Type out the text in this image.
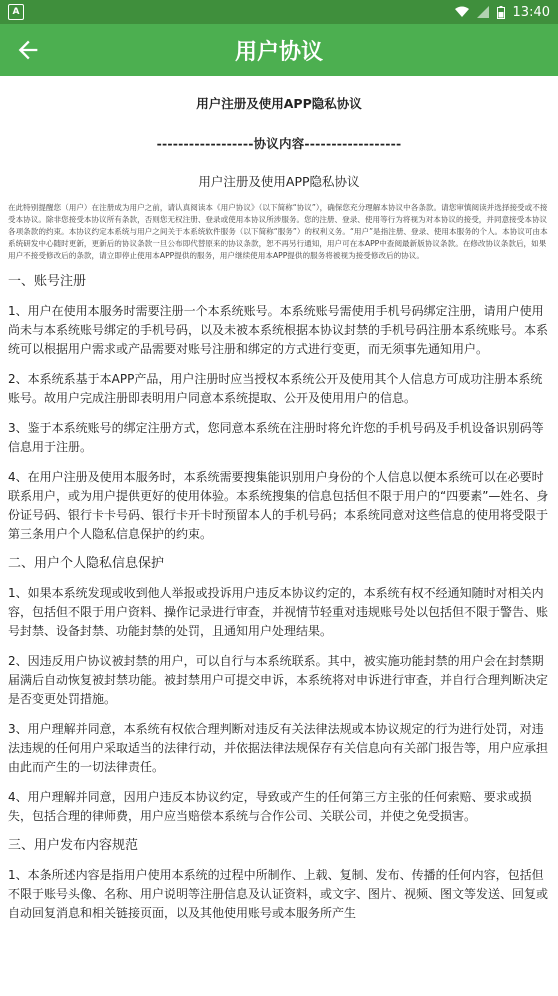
A	13:40
用户协议
用户注册及使用APP隐私协议
------------------协议内容------------------
用户注册及使用APP隐私协议
在此特别提醒您（用户）在注册成为用户之前，请认真阅读本《用户协议》（以下简称“协议”），确保您充分理解本协议中各条款。请您审慎阅读并选择接受或不接受本协议。除非您接受本协议所有条款，否则您无权注册、登录或使用本协议所涉服务。您的注册、登录、使用等行为将视为对本协议的接受，并同意接受本协议各项条款的约束。本协议约定本系统与用户之间关于本系统软件服务（以下简称“服务”）的权利义务。“用户”是指注册、登录、使用本服务的个人。本协议可由本系统研发中心随时更新，更新后的协议条款一旦公布即代替原来的协议条款，恕不再另行通知，用户可在本APP中查阅最新版协议条款。在修改协议条款后，如果用户不接受修改后的条款，请立即停止使用本APP提供的服务，用户继续使用本APP提供的服务将被视为接受修改后的协议。
一、账号注册
1、用户在使用本服务时需要注册一个本系统账号。本系统账号需使用手机号码绑定注册，请用户使用尚未与本系统账号绑定的手机号码，以及未被本系统根据本协议封禁的手机号码注册本系统账号。本系统可以根据用户需求或产品需要对账号注册和绑定的方式进行变更，而无须事先通知用户。
2、本系统系基于本APP产品，用户注册时应当授权本系统公开及使用其个人信息方可成功注册本系统账号。故用户完成注册即表明用户同意本系统提取、公开及使用用户的信息。
3、鉴于本系统账号的绑定注册方式，您同意本系统在注册时将允许您的手机号码及手机设备识别码等信息用于注册。
4、在用户注册及使用本服务时，本系统需要搜集能识别用户身份的个人信息以便本系统可以在必要时联系用户，或为用户提供更好的使用体验。本系统搜集的信息包括但不限于用户的“四要素”—姓名、身份证号码、银行卡卡号码、银行卡开卡时预留本人的手机号码；本系统同意对这些信息的使用将受限于第三条用户个人隐私信息保护的约束。
二、用户个人隐私信息保护
1、如果本系统发现或收到他人举报或投诉用户违反本协议约定的，本系统有权不经通知随时对相关内容，包括但不限于用户资料、操作记录进行审查，并视情节轻重对违规账号处以包括但不限于警告、账号封禁、设备封禁、功能封禁的处罚，且通知用户处理结果。
2、因违反用户协议被封禁的用户，可以自行与本系统联系。其中，被实施功能封禁的用户会在封禁期届满后自动恢复被封禁功能。被封禁用户可提交申诉，本系统将对申诉进行审查，并自行合理判断决定是否变更处罚措施。
3、用户理解并同意，本系统有权依合理判断对违反有关法律法规或本协议规定的行为进行处罚，对违法违规的任何用户采取适当的法律行动，并依据法律法规保存有关信息向有关部门报告等，用户应承担由此而产生的一切法律责任。
4、用户理解并同意，因用户违反本协议约定，导致或产生的任何第三方主张的任何索赔、要求或损失，包括合理的律师费，用户应当赔偿本系统与合作公司、关联公司，并使之免受损害。
三、用户发布内容规范
1、本条所述内容是指用户使用本系统的过程中所制作、上载、复制、发布、传播的任何内容，包括但不限于账号头像、名称、用户说明等注册信息及认证资料，或文字、图片、视频、图文等发送、回复或自动回复消息和相关链接页面，以及其他使用账号或本服务所产生
